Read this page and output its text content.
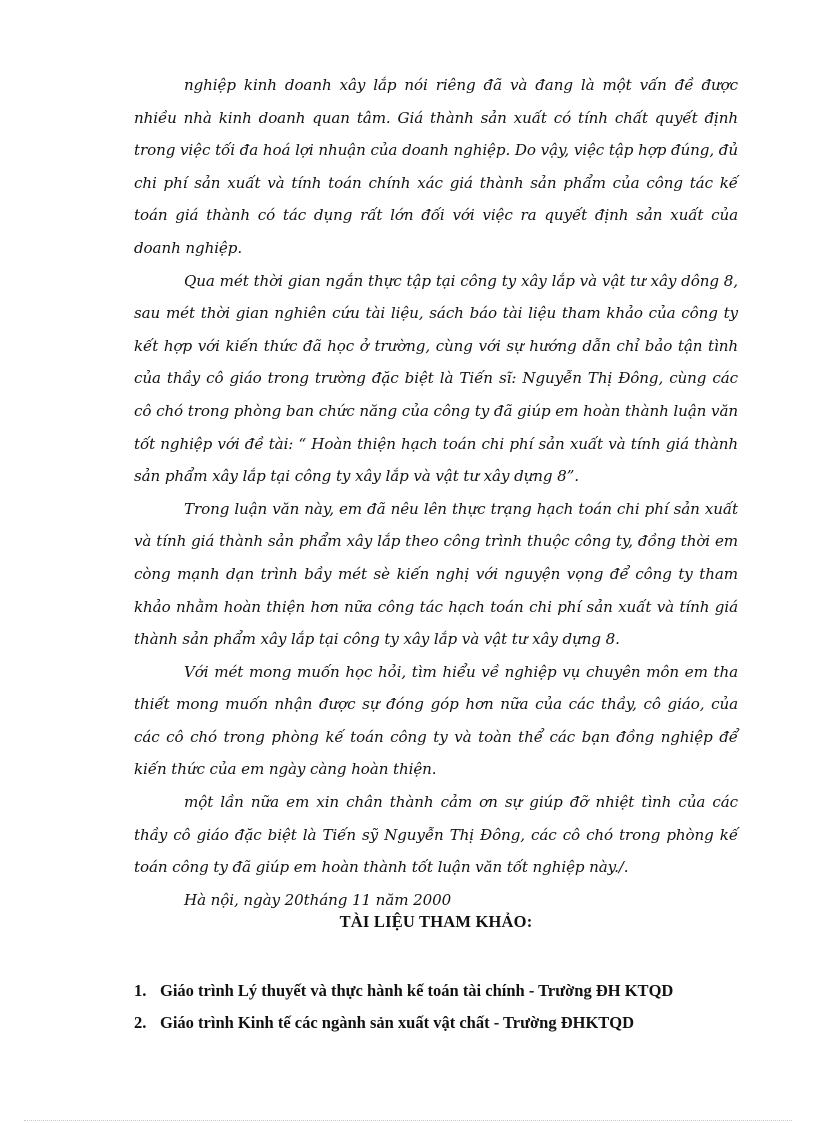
nghiệp kinh doanh xây lắp nói riêng đã và đang là một vấn đề được nhiều nhà kinh doanh quan tâm. Giá thành sản xuất có tính chất quyết định trong việc tối đa hoá lợi nhuận của doanh nghiệp. Do vậy, việc tập hợp đúng, đủ chi phí sản xuất và tính toán chính xác giá thành sản phẩm của công tác kế toán giá thành có tác dụng rất lớn đối với việc ra quyết định sản xuất của doanh nghiệp.

Qua mét thời gian ngắn thực tập tại công ty xây lắp và vật tư xây dông 8, sau mét thời gian nghiên cứu tài liệu, sách báo tài liệu tham khảo của công ty kết hợp với kiến thức đã học ở trường, cùng với sự hướng dẫn chỉ bảo tận tình của thầy cô giáo trong trường đặc biệt là Tiến sĩ: Nguyễn Thị Đông, cùng các cô chó trong phòng ban chức năng của công ty đã giúp em hoàn thành luận văn tốt nghiệp với đề tài: “ Hoàn thiện hạch toán chi phí sản xuất và tính giá thành sản phẩm xây lắp tại công ty xây lắp và vật tư xây dựng 8”.

Trong luận văn này, em đã nêu lên thực trạng hạch toán chi phí sản xuất và tính giá thành sản phẩm xây lắp theo công trình thuộc công ty, đồng thời em còng mạnh dạn trình bầy mét sè kiến nghị với nguyện vọng để công ty tham khảo nhằm hoàn thiện hơn nữa công tác hạch toán chi phí sản xuất và tính giá thành sản phẩm xây lắp tại công ty xây lắp và vật tư xây dựng 8.

Với mét mong muốn học hỏi, tìm hiểu về nghiệp vụ chuyên môn em tha thiết mong muốn nhận được sự đóng góp hơn nữa của các thầy, cô giáo, của các cô chó trong phòng kế toán công ty và toàn thể các bạn đồng nghiệp để kiến thức của em ngày càng hoàn thiện.

một lần nữa em xin chân thành cảm ơn sự giúp đỡ nhiệt tình của các thầy cô giáo đặc biệt là Tiến sỹ Nguyễn Thị Đông, các cô chó trong phòng kế toán công ty đã giúp em hoàn thành tốt luận văn tốt nghiệp này./.

Hà nội, ngày 20tháng 11 năm 2000

TÀI LIỆU THAM KHẢO:
1. Giáo trình Lý thuyết và thực hành kế toán tài chính - Trường ĐH KTQD
2. Giáo trình Kinh tế các ngành sản xuất vật chất - Trường ĐHKTQD
